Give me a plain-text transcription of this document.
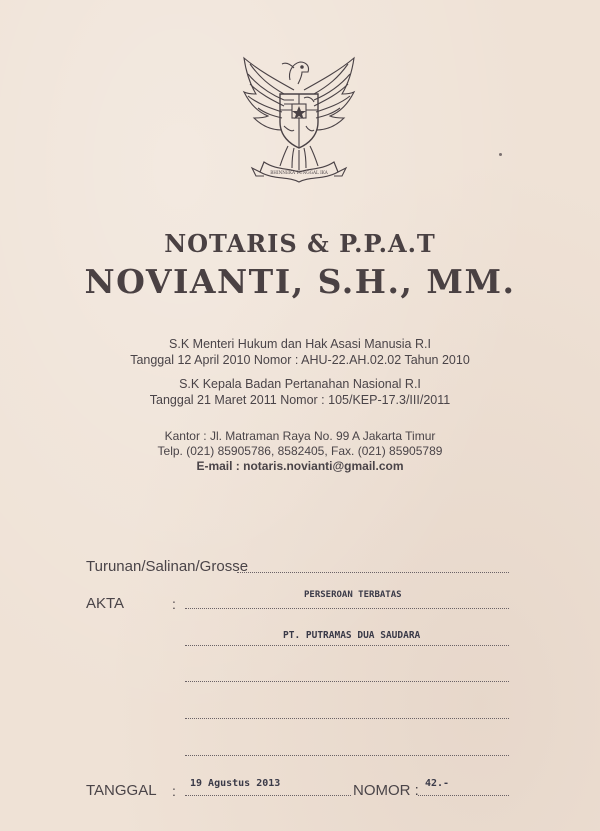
BHINNEKA TUNGGAL IKA
NOTARIS & P.P.A.T
NOVIANTI, S.H., MM.
S.K Menteri Hukum dan Hak Asasi Manusia R.I
Tanggal 12 April 2010 Nomor : AHU-22.AH.02.02 Tahun 2010
S.K Kepala Badan Pertanahan Nasional R.I
Tanggal 21 Maret 2011 Nomor : 105/KEP-17.3/III/2011
Kantor : Jl. Matraman Raya No. 99 A Jakarta Timur
Telp. (021) 85905786, 8582405, Fax. (021) 85905789
E-mail : notaris.novianti@gmail.com
Turunan/Salinan/Grosse
AKTA	:
PERSEROAN TERBATAS
PT. PUTRAMAS DUA SAUDARA
TANGGAL : 19 Agustus 2013	NOMOR : 42.-
